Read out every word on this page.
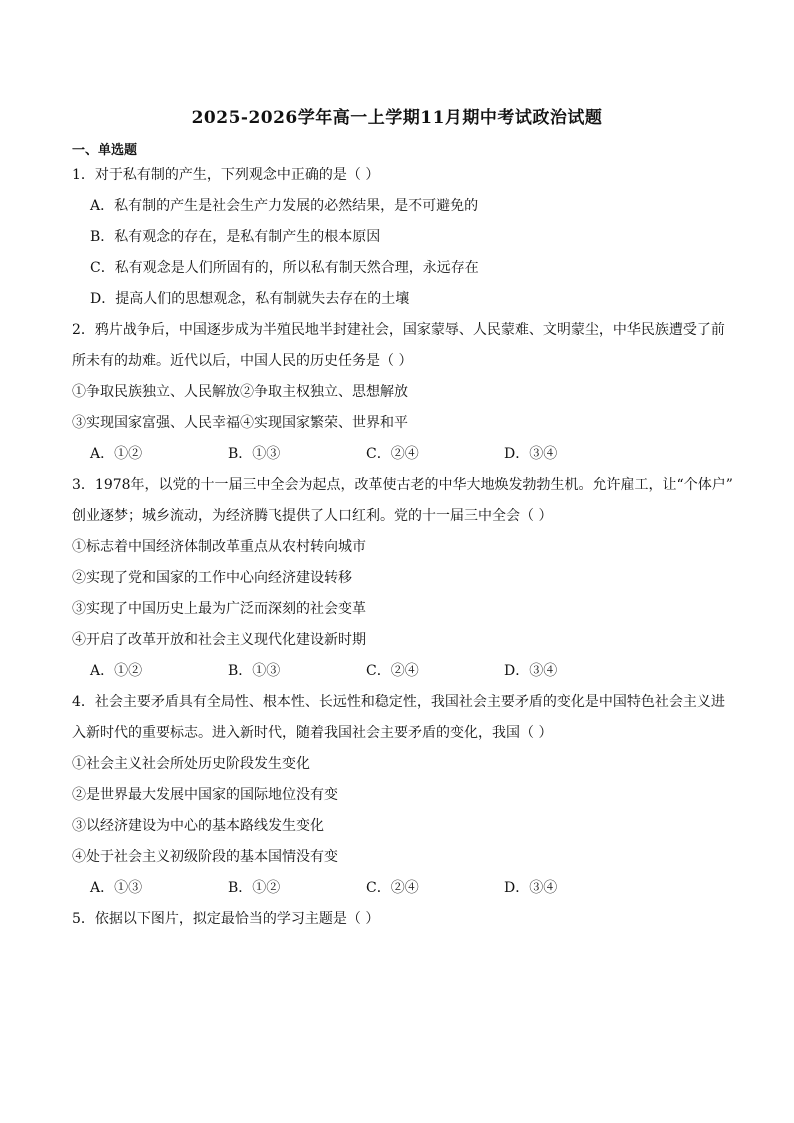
2025-2026学年高一上学期11月期中考试政治试题
一、单选题
1．对于私有制的产生，下列观念中正确的是（ ）
A．私有制的产生是社会生产力发展的必然结果，是不可避免的
B．私有观念的存在，是私有制产生的根本原因
C．私有观念是人们所固有的，所以私有制天然合理，永远存在
D．提高人们的思想观念，私有制就失去存在的土壤
2．鸦片战争后，中国逐步成为半殖民地半封建社会，国家蒙辱、人民蒙难、文明蒙尘，中华民族遭受了前
所未有的劫难。近代以后，中国人民的历史任务是（ ）
①争取民族独立、人民解放②争取主权独立、思想解放
③实现国家富强、人民幸福④实现国家繁荣、世界和平
A．①②	B．①③	C．②④	D．③④
3．1978年，以党的十一届三中全会为起点，改革使古老的中华大地焕发勃勃生机。允许雇工，让“个体户”
创业逐梦；城乡流动，为经济腾飞提供了人口红利。党的十一届三中全会（ ）
①标志着中国经济体制改革重点从农村转向城市
②实现了党和国家的工作中心向经济建设转移
③实现了中国历史上最为广泛而深刻的社会变革
④开启了改革开放和社会主义现代化建设新时期
A．①②	B．①③	C．②④	D．③④
4．社会主要矛盾具有全局性、根本性、长远性和稳定性，我国社会主要矛盾的变化是中国特色社会主义进
入新时代的重要标志。进入新时代，随着我国社会主要矛盾的变化，我国（ ）
①社会主义社会所处历史阶段发生变化
②是世界最大发展中国家的国际地位没有变
③以经济建设为中心的基本路线发生变化
④处于社会主义初级阶段的基本国情没有变
A．①③	B．①②	C．②④	D．③④
5．依据以下图片，拟定最恰当的学习主题是（ ）
